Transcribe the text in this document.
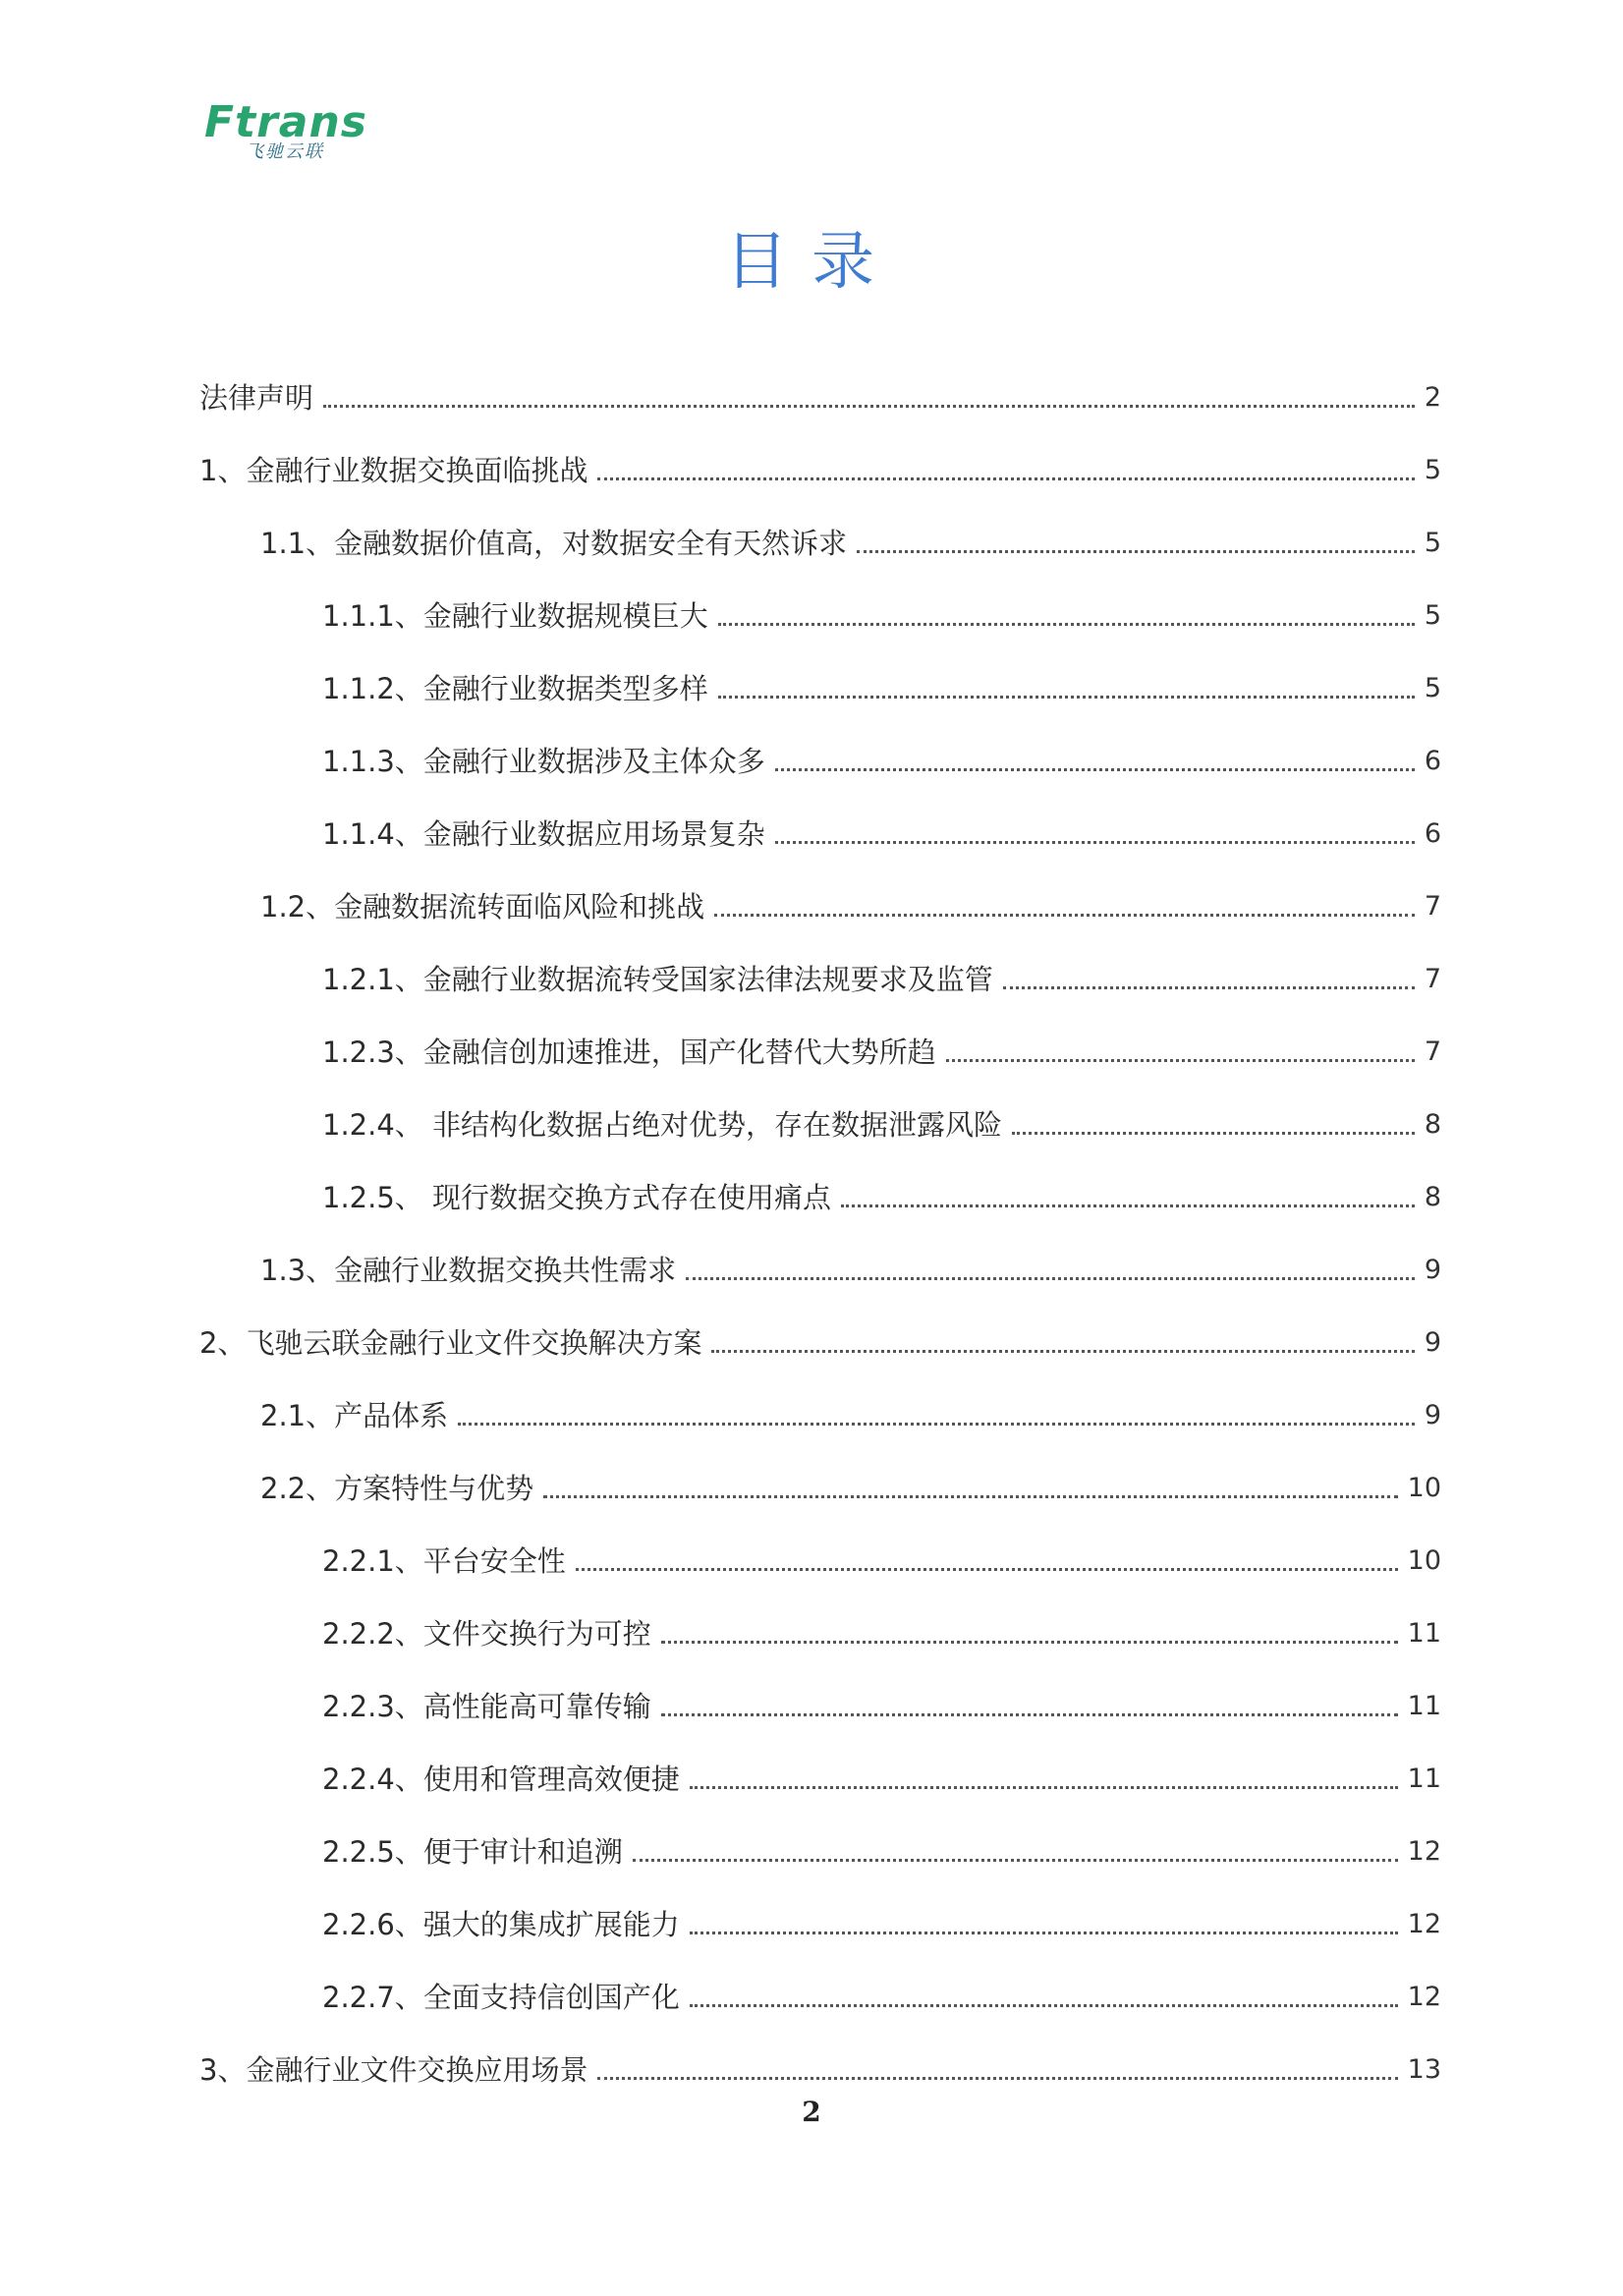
Ftrans
飞驰云联
目录
法律声明	2
1、金融行业数据交换面临挑战	5
1.1、金融数据价值高，对数据安全有天然诉求	5
1.1.1、金融行业数据规模巨大	5
1.1.2、金融行业数据类型多样	5
1.1.3、金融行业数据涉及主体众多	6
1.1.4、金融行业数据应用场景复杂	6
1.2、金融数据流转面临风险和挑战	7
1.2.1、金融行业数据流转受国家法律法规要求及监管	7
1.2.3、金融信创加速推进，国产化替代大势所趋	7
1.2.4、 非结构化数据占绝对优势，存在数据泄露风险	8
1.2.5、 现行数据交换方式存在使用痛点	8
1.3、金融行业数据交换共性需求	9
2、飞驰云联金融行业文件交换解决方案	9
2.1、产品体系	9
2.2、方案特性与优势	10
2.2.1、平台安全性	10
2.2.2、文件交换行为可控	11
2.2.3、高性能高可靠传输	11
2.2.4、使用和管理高效便捷	11
2.2.5、便于审计和追溯	12
2.2.6、强大的集成扩展能力	12
2.2.7、全面支持信创国产化	12
3、金融行业文件交换应用场景	13
2
